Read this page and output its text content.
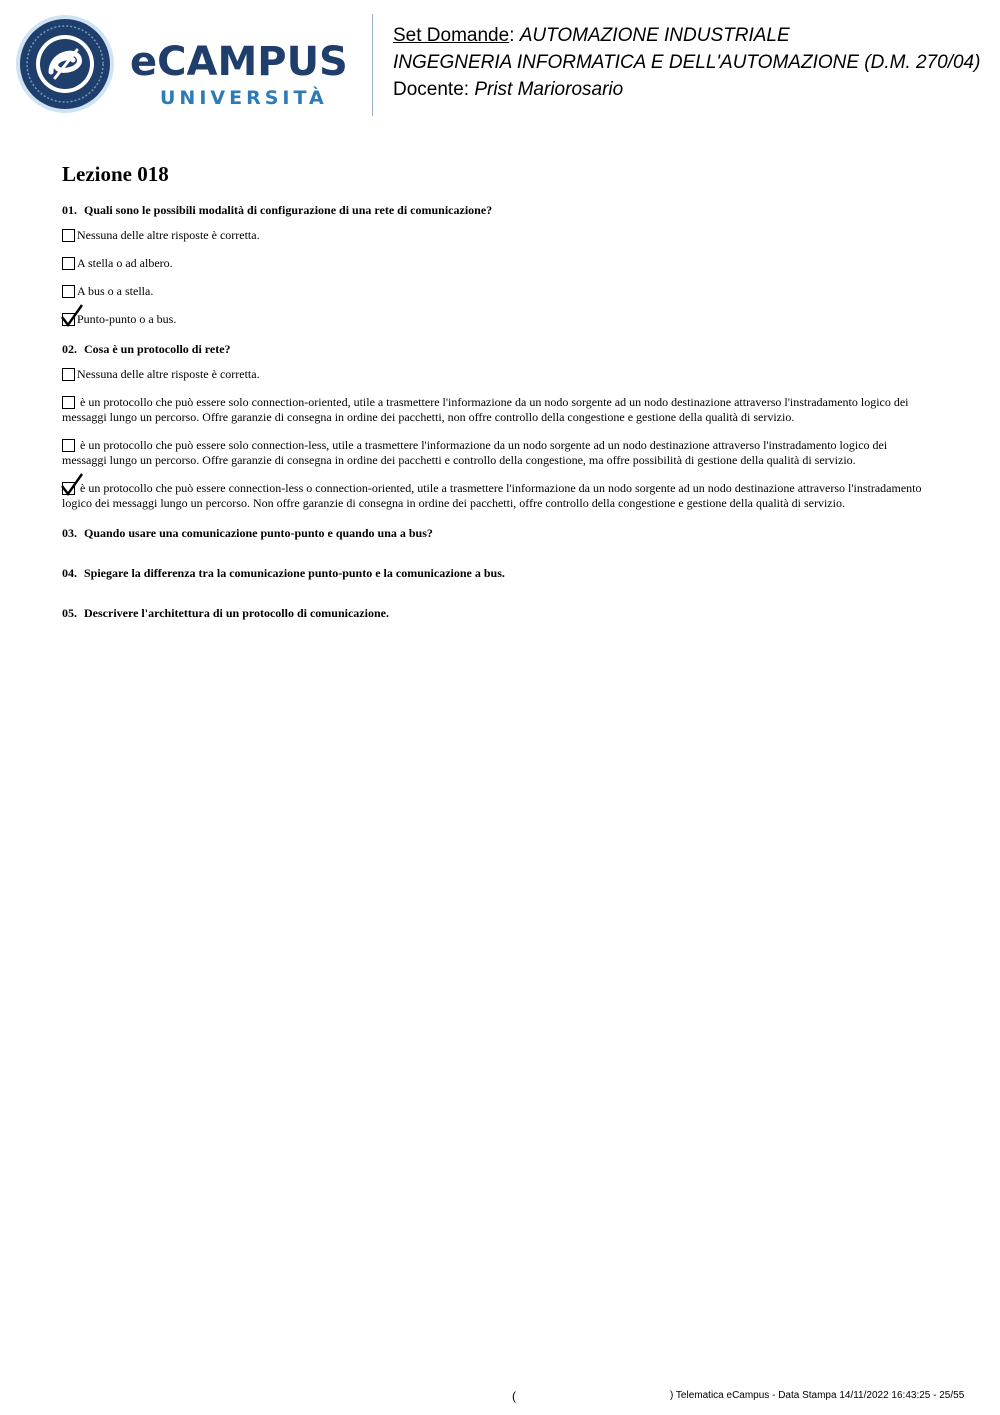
eCAMPUS
UNIVERSITÀ
Set Domande: AUTOMAZIONE INDUSTRIALE
INGEGNERIA INFORMATICA E DELL'AUTOMAZIONE (D.M. 270/04)
Docente: Prist Mariorosario
Lezione 018
01. Quali sono le possibili modalità di configurazione di una rete di comunicazione?
Nessuna delle altre risposte è corretta.
A stella o ad albero.
A bus o a stella.
Punto-punto o a bus.
02. Cosa è un protocollo di rete?
Nessuna delle altre risposte è corretta.
è un protocollo che può essere solo connection-oriented, utile a trasmettere l'informazione da un nodo sorgente ad un nodo destinazione attraverso l'instradamento logico dei messaggi lungo un percorso. Offre garanzie di consegna in ordine dei pacchetti, non offre controllo della congestione e gestione della qualità di servizio.
è un protocollo che può essere solo connection-less, utile a trasmettere l'informazione da un nodo sorgente ad un nodo destinazione attraverso l'instradamento logico dei messaggi lungo un percorso. Offre garanzie di consegna in ordine dei pacchetti e controllo della congestione, ma offre possibilità di gestione della qualità di servizio.
è un protocollo che può essere connection-less o connection-oriented, utile a trasmettere l'informazione da un nodo sorgente ad un nodo destinazione attraverso l'instradamento logico dei messaggi lungo un percorso. Non offre garanzie di consegna in ordine dei pacchetti, offre controllo della congestione e gestione della qualità di servizio.
03. Quando usare una comunicazione punto-punto e quando una a bus?
04. Spiegare la differenza tra la comunicazione punto-punto e la comunicazione a bus.
05. Descrivere l'architettura di un protocollo di comunicazione.
(	) Telematica eCampus - Data Stampa 14/11/2022 16:43:25 - 25/55
